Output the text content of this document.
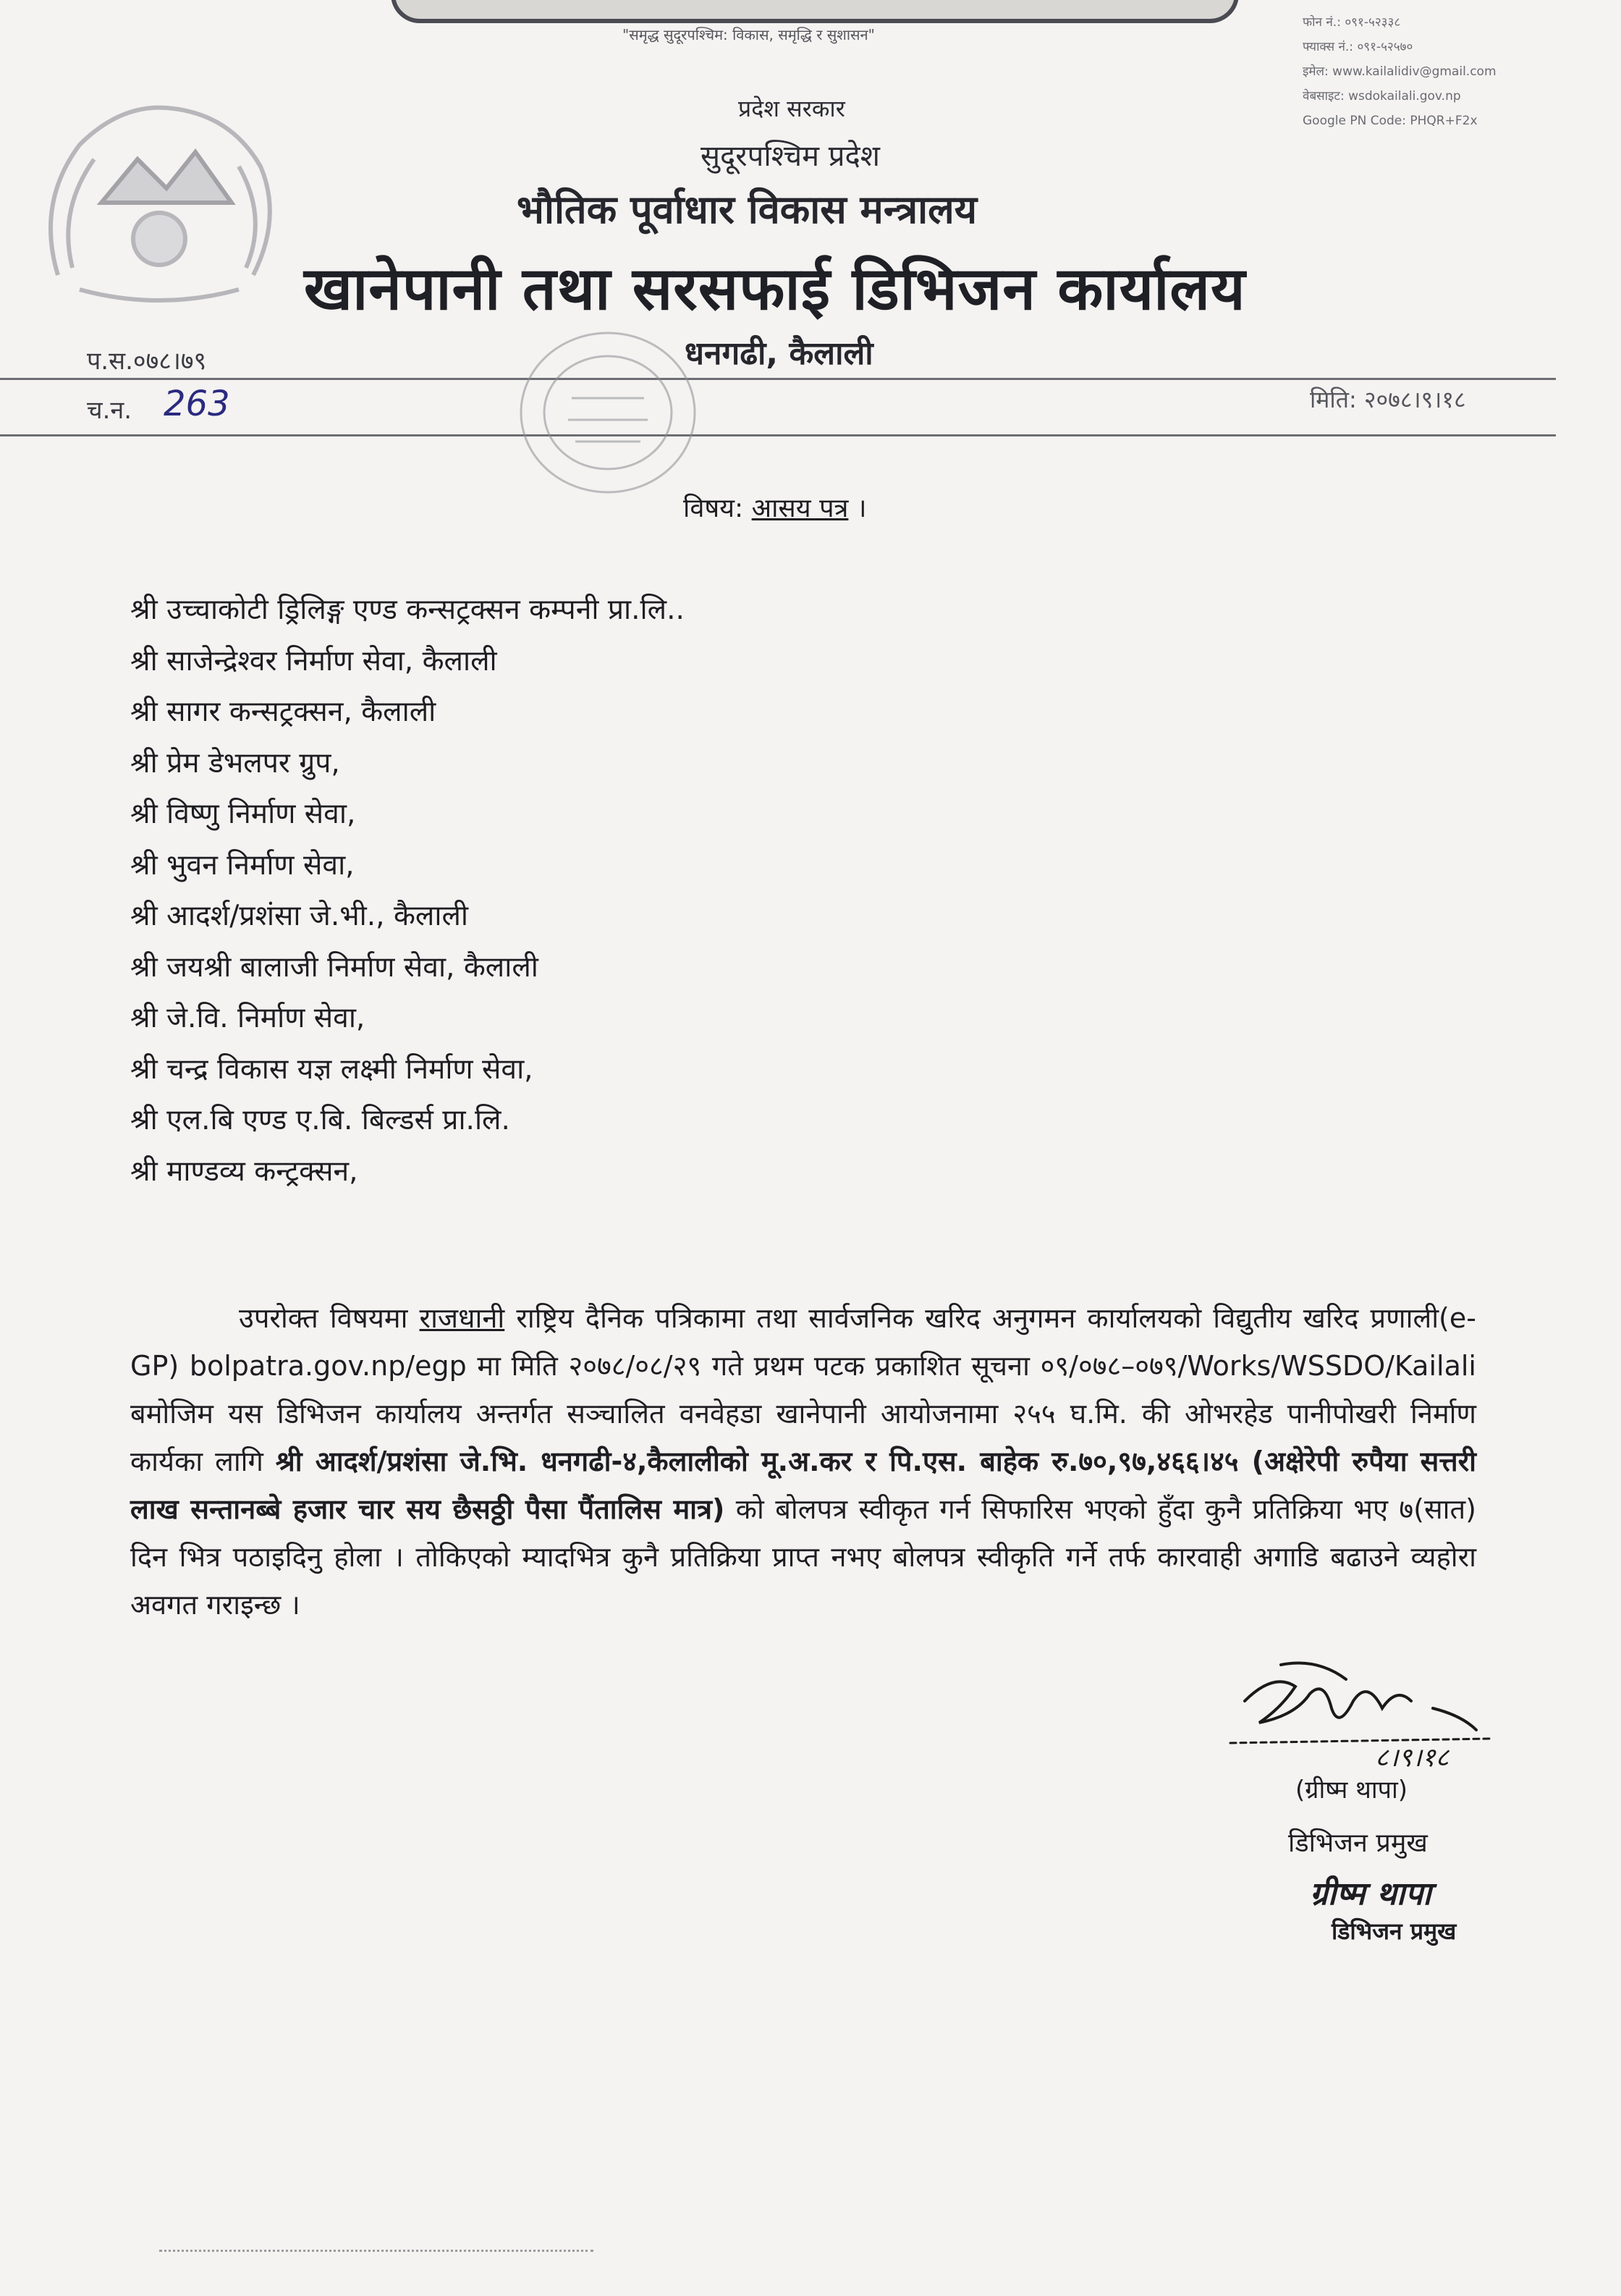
"समृद्ध सुदूरपश्चिम: विकास, समृद्धि र सुशासन"
फोन नं.: ०९१-५२३३८
फ्याक्स नं.: ०९१-५२५७०
इमेल: www.kailalidiv@gmail.com
वेबसाइट: wsdokailali.gov.np
Google PN Code: PHQR+F2x
प्रदेश सरकार
सुदूरपश्चिम प्रदेश
भौतिक पूर्वाधार विकास मन्त्रालय
खानेपानी तथा सरसफाई डिभिजन कार्यालय
धनगढी, कैलाली
प.स.०७८।७९
च.न. 263	मिति: २०७८।९।१८
विषय: आसय पत्र ।
श्री उच्चाकोटी ड्रिलिङ्ग एण्ड कन्सट्रक्सन कम्पनी प्रा.लि..
श्री साजेन्द्रेश्वर निर्माण सेवा, कैलाली
श्री सागर कन्सट्रक्सन, कैलाली
श्री प्रेम डेभलपर ग्रुप,
श्री विष्णु निर्माण सेवा,
श्री भुवन निर्माण सेवा,
श्री आदर्श/प्रशंसा जे.भी., कैलाली
श्री जयश्री बालाजी निर्माण सेवा, कैलाली
श्री जे.वि. निर्माण सेवा,
श्री चन्द्र विकास यज्ञ लक्ष्मी निर्माण सेवा,
श्री एल.बि एण्ड ए.बि. बिल्डर्स प्रा.लि.
श्री माण्डव्य कन्ट्रक्सन,
उपरोक्त विषयमा राजधानी राष्ट्रिय दैनिक पत्रिकामा तथा सार्वजनिक खरिद अनुगमन कार्यालयको विद्युतीय खरिद प्रणाली(e-GP) bolpatra.gov.np/egp मा मिति २०७८/०८/२९ गते प्रथम पटक प्रकाशित सूचना ०९/०७८–०७९/Works/WSSDO/Kailali बमोजिम यस डिभिजन कार्यालय अन्तर्गत सञ्चालित वनवेहडा खानेपानी आयोजनामा २५५ घ.मि. की ओभरहेड पानीपोखरी निर्माण कार्यका लागि श्री आदर्श/प्रशंसा जे.भि. धनगढी-४,कैलालीको मू.अ.कर र पि.एस. बाहेक रु.७०,९७,४६६।४५ (अक्षेरेपी रुपैया सत्तरी लाख सन्तानब्बे हजार चार सय छैसठ्ठी पैसा पैंतालिस मात्र) को बोलपत्र स्वीकृत गर्न सिफारिस भएको हुँदा कुनै प्रतिक्रिया भए ७(सात) दिन भित्र पठाइदिनु होला । तोकिएको म्यादभित्र कुनै प्रतिक्रिया प्राप्त नभए बोलपत्र स्वीकृति गर्ने तर्फ कारवाही अगाडि बढाउने व्यहोरा अवगत गराइन्छ ।
८।९।१८
(ग्रीष्म थापा)
डिभिजन प्रमुख
ग्रीष्म थापा
डिभिजन प्रमुख
